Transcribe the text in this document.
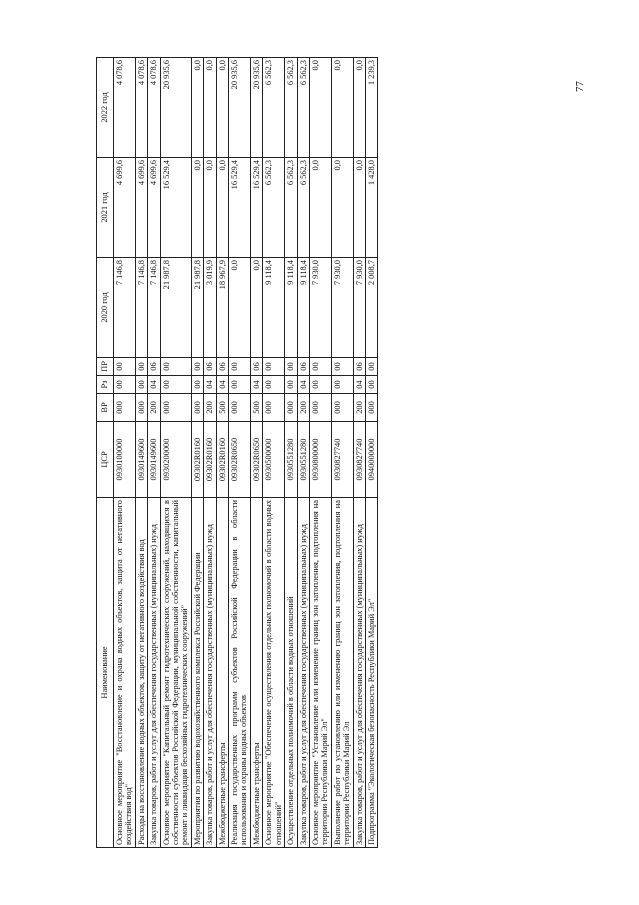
77
Наименование	ЦСР	ВР	Рз	ПР	2020 год	2021 год	2022 год
Основное мероприятие "Восстановление и охрана водных объектов, защита от негативного воздействия вод"	0930100000	000	00	00	7 146,8	4 699,6	4 078,6
Расходы на восстановление водных объектов, защиту от негативного воздействия вод	0930149600	000	00	00	7 146,8	4 699,6	4 078,6
Закупка товаров, работ и услуг для обеспечения государственных (муниципальных) нужд	0930149600	200	04	06	7 146,8	4 699,6	4 078,6
Основное мероприятие "Капитальный ремонт гидротехнических сооружений, находящихся в собственности субъектов Российской Федерации, муниципальной собственности, капитальный ремонт и ликвидация бесхозяйных гидротехнических сооружений"	0930200000	000	00	00	21 987,8	16 529,4	20 935,6
Мероприятия по развитию водохозяйственного комплекса Российской Федерации	09302R0160	000	00	00	21 987,8	0,0	0,0
Закупка товаров, работ и услуг для обеспечения государственных (муниципальных) нужд	09302R0160	200	04	06	3 019,9	0,0	0,0
Межбюджетные трансферты	09302R0160	500	04	06	18 967,9	0,0	0,0
Реализация государственных программ субъектов Российской Федерации в области использования и охраны водных объектов	09302R0650	000	00	00	0,0	16 529,4	20 935,6
Межбюджетные трансферты	09302R0650	500	04	06	0,0	16 529,4	20 935,6
Основное мероприятие "Обеспечение осуществления отдельных полномочий в области водных отношений"	0930500000	000	00	00	9 118,4	6 562,3	6 562,3
Осуществление отдельных полномочий в области водных отношений	0930551280	000	00	00	9 118,4	6 562,3	6 562,3
Закупка товаров, работ и услуг для обеспечения государственных (муниципальных) нужд	0930551280	200	04	06	9 118,4	6 562,3	6 562,3
Основное мероприятие "Установление или изменение границ зон затопления, подтопления на территории Республики Марий Эл"	0930800000	000	00	00	7 930,0	0,0	0,0
Выполнение работ по установлению или изменению границ зон затопления, подтопления на территории Республики Марий Эл	0930827740	000	00	00	7 930,0	0,0	0,0
Закупка товаров, работ и услуг для обеспечения государственных (муниципальных) нужд	0930827740	200	04	06	7 930,0	0,0	0,0
Подпрограмма "Экологическая безопасность Республики Марий Эл"	0940000000	000	00	00	2 008,7	1 428,0	1 239,3
